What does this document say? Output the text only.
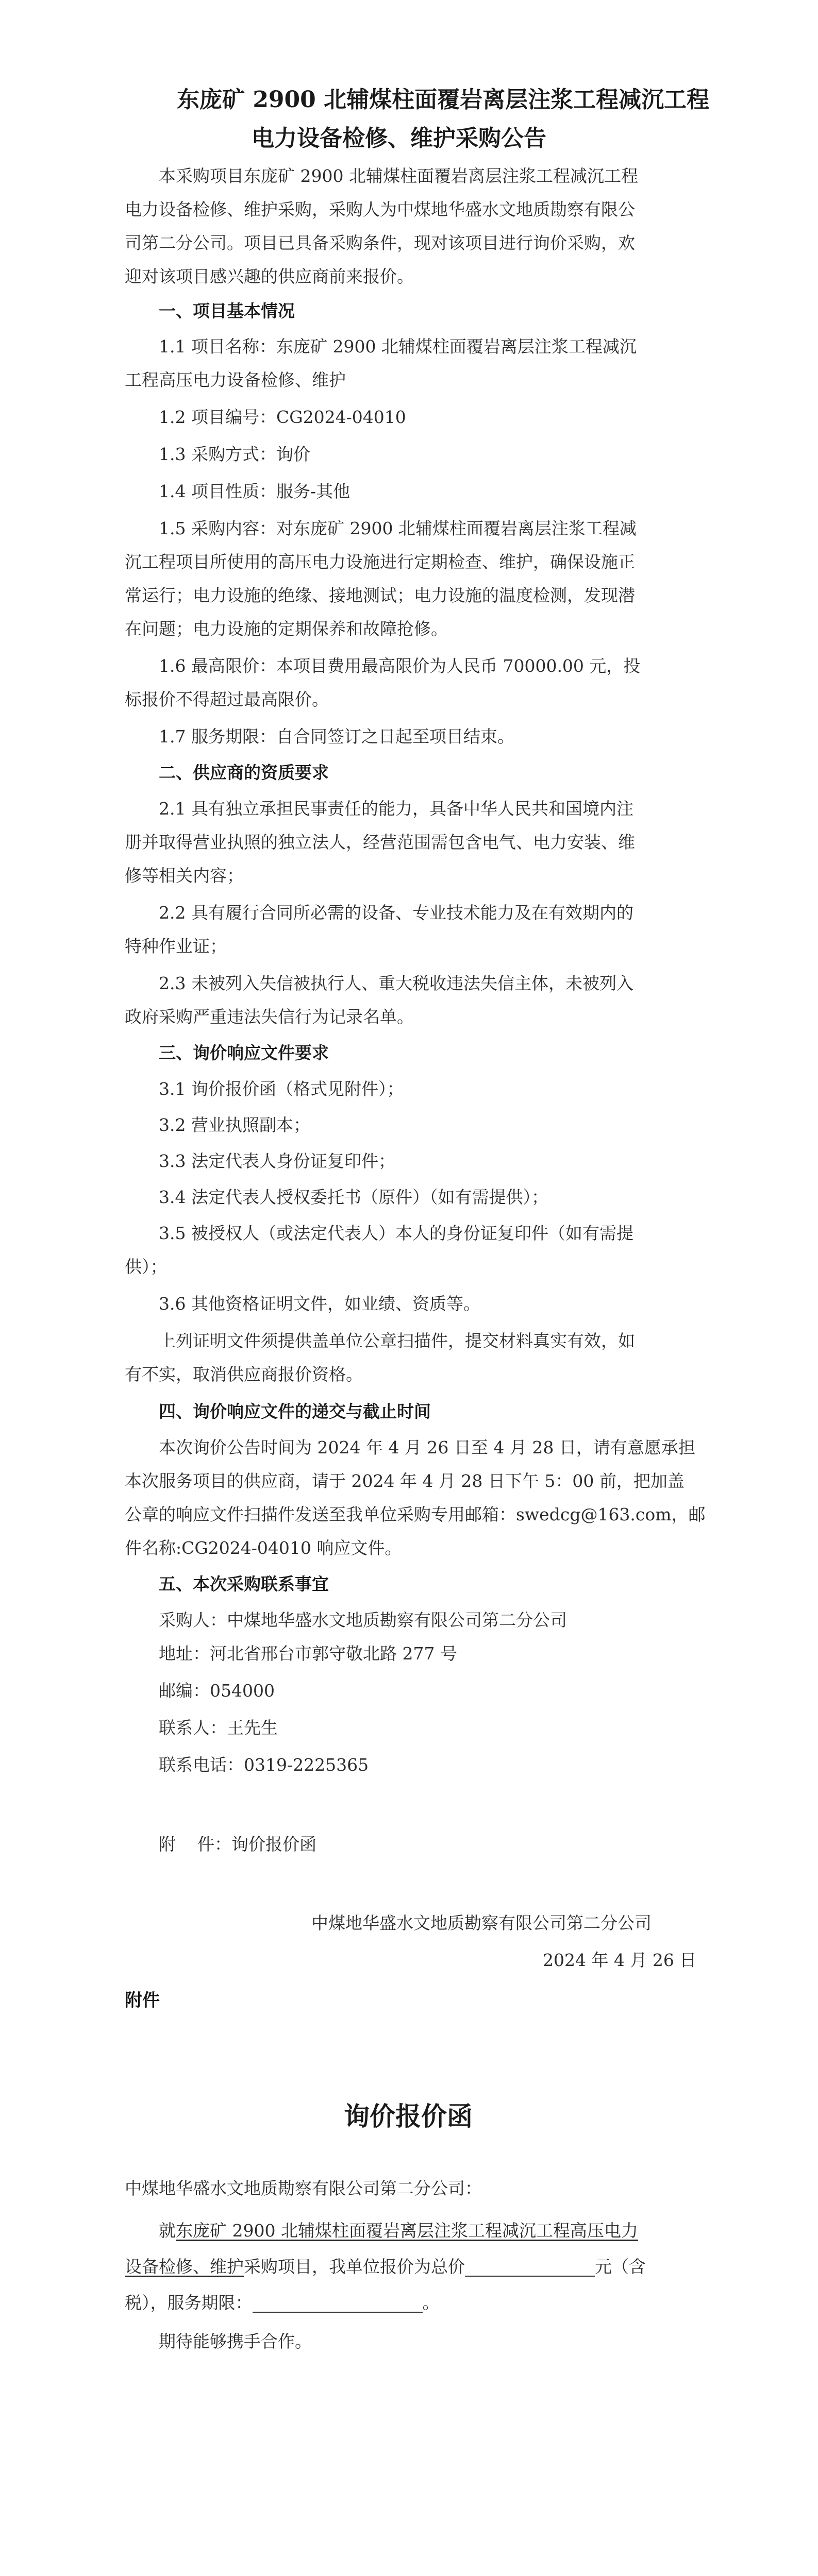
东庞矿 2900 北辅煤柱面覆岩离层注浆工程减沉工程
电力设备检修、维护采购公告
本采购项目东庞矿 2900 北辅煤柱面覆岩离层注浆工程减沉工程
电力设备检修、维护采购，采购人为中煤地华盛水文地质勘察有限公
司第二分公司。项目已具备采购条件，现对该项目进行询价采购，欢
迎对该项目感兴趣的供应商前来报价。
一、项目基本情况
1.1 项目名称：东庞矿 2900 北辅煤柱面覆岩离层注浆工程减沉
工程高压电力设备检修、维护
1.2 项目编号：CG2024-04010
1.3 采购方式：询价
1.4 项目性质：服务-其他
1.5 采购内容：对东庞矿 2900 北辅煤柱面覆岩离层注浆工程减
沉工程项目所使用的高压电力设施进行定期检查、维护，确保设施正
常运行；电力设施的绝缘、接地测试；电力设施的温度检测，发现潜
在问题；电力设施的定期保养和故障抢修。
1.6 最高限价：本项目费用最高限价为人民币 70000.00 元，投
标报价不得超过最高限价。
1.7 服务期限：自合同签订之日起至项目结束。
二、供应商的资质要求
2.1 具有独立承担民事责任的能力，具备中华人民共和国境内注
册并取得营业执照的独立法人，经营范围需包含电气、电力安装、维
修等相关内容；
2.2 具有履行合同所必需的设备、专业技术能力及在有效期内的
特种作业证；
2.3 未被列入失信被执行人、重大税收违法失信主体，未被列入
政府采购严重违法失信行为记录名单。
三、询价响应文件要求
3.1 询价报价函（格式见附件）；
3.2 营业执照副本；
3.3 法定代表人身份证复印件；
3.4 法定代表人授权委托书（原件）（如有需提供）；
3.5 被授权人（或法定代表人）本人的身份证复印件（如有需提
供）；
3.6 其他资格证明文件，如业绩、资质等。
上列证明文件须提供盖单位公章扫描件，提交材料真实有效，如
有不实，取消供应商报价资格。
四、询价响应文件的递交与截止时间
本次询价公告时间为 2024 年 4 月 26 日至 4 月 28 日，请有意愿承担
本次服务项目的供应商，请于 2024 年 4 月 28 日下午 5：00 前，把加盖
公章的响应文件扫描件发送至我单位采购专用邮箱：swedcg@163.com，邮
件名称:CG2024-04010 响应文件。
五、本次采购联系事宜
采购人：中煤地华盛水文地质勘察有限公司第二分公司
地址：河北省邢台市郭守敬北路 277 号
邮编：054000
联系人：王先生
联系电话：0319-2225365
附    件：询价报价函
中煤地华盛水文地质勘察有限公司第二分公司
2024 年 4 月 26 日
附件
询价报价函
中煤地华盛水文地质勘察有限公司第二分公司：
就东庞矿 2900 北辅煤柱面覆岩离层注浆工程减沉工程高压电力
设备检修、维护采购项目，我单位报价为总价	元（含
税），服务期限：	。
期待能够携手合作。
